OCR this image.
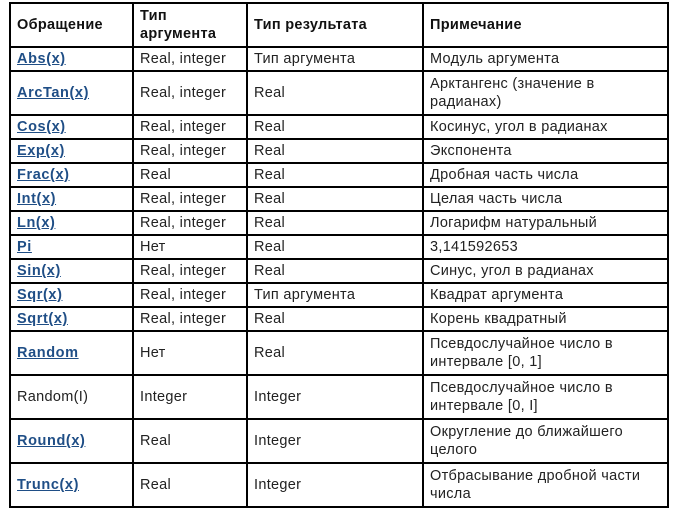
Обращение	Тип аргумента	Тип результата	Примечание
Abs(x)	Real, integer	Тип аргумента	Модуль аргумента
ArcTan(x)	Real, integer	Real	Арктангенс (значение в радианах)
Cos(x)	Real, integer	Real	Косинус, угол в радианах
Exp(x)	Real, integer	Real	Экспонента
Frac(x)	Real	Real	Дробная часть числа
Int(x)	Real, integer	Real	Целая часть числа
Ln(x)	Real, integer	Real	Логарифм натуральный
Pi	Нет	Real	3,141592653
Sin(x)	Real, integer	Real	Синус, угол в радианах
Sqr(x)	Real, integer	Тип аргумента	Квадрат аргумента
Sqrt(x)	Real, integer	Real	Корень квадратный
Random	Нет	Real	Псевдослучайное число в интервале [0, 1]
Random(I)	Integer	Integer	Псевдослучайное число в интервале [0, I]
Round(x)	Real	Integer	Округление до ближайшего целого
Trunc(x)	Real	Integer	Отбрасывание дробной части числа
